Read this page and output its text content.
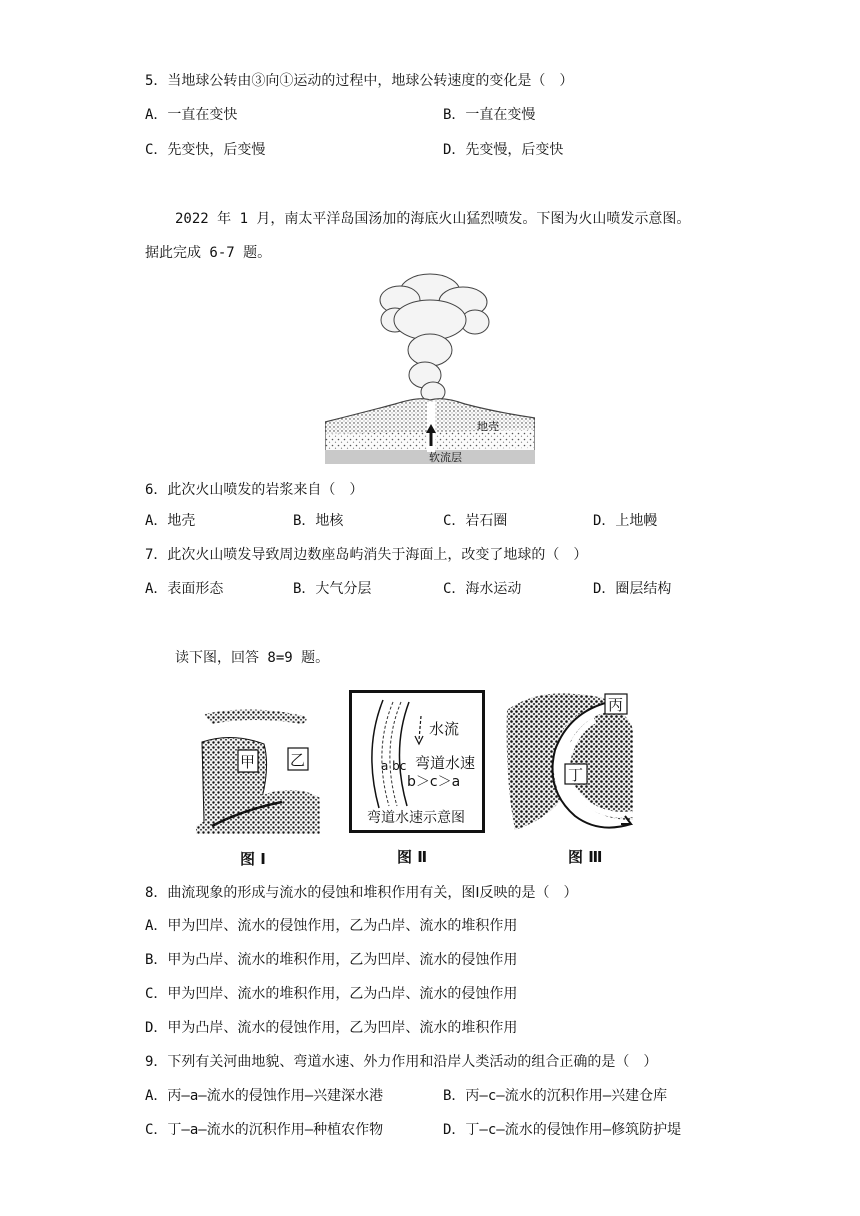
5．当地球公转由③向①运动的过程中，地球公转速度的变化是（　）
A．一直在变快	B．一直在变慢
C．先变快，后变慢	D．先变慢，后变快
2022 年 1 月，南太平洋岛国汤加的海底火山猛烈喷发。下图为火山喷发示意图。
据此完成 6-7 题。
地壳
软流层
6．此次火山喷发的岩浆来自（　）
A．地壳	B．地核	C．岩石圈	D．上地幔
7．此次火山喷发导致周边数座岛屿消失于海面上，改变了地球的（　）
A．表面形态	B．大气分层	C．海水运动	D．圈层结构
读下图，回答 8=9 题。
甲 乙
图 Ⅰ
水流
a bc 弯道水速
b＞c＞a
弯道水速示意图
图 Ⅱ
丙
丁
图 Ⅲ
8．曲流现象的形成与流水的侵蚀和堆积作用有关，图Ⅰ反映的是（　）
A．甲为凹岸、流水的侵蚀作用，乙为凸岸、流水的堆积作用
B．甲为凸岸、流水的堆积作用，乙为凹岸、流水的侵蚀作用
C．甲为凹岸、流水的堆积作用，乙为凸岸、流水的侵蚀作用
D．甲为凸岸、流水的侵蚀作用，乙为凹岸、流水的堆积作用
9．下列有关河曲地貌、弯道水速、外力作用和沿岸人类活动的组合正确的是（　）
A．丙—a—流水的侵蚀作用—兴建深水港	B．丙—c—流水的沉积作用—兴建仓库
C．丁—a—流水的沉积作用—种植农作物	D．丁—c—流水的侵蚀作用—修筑防护堤
